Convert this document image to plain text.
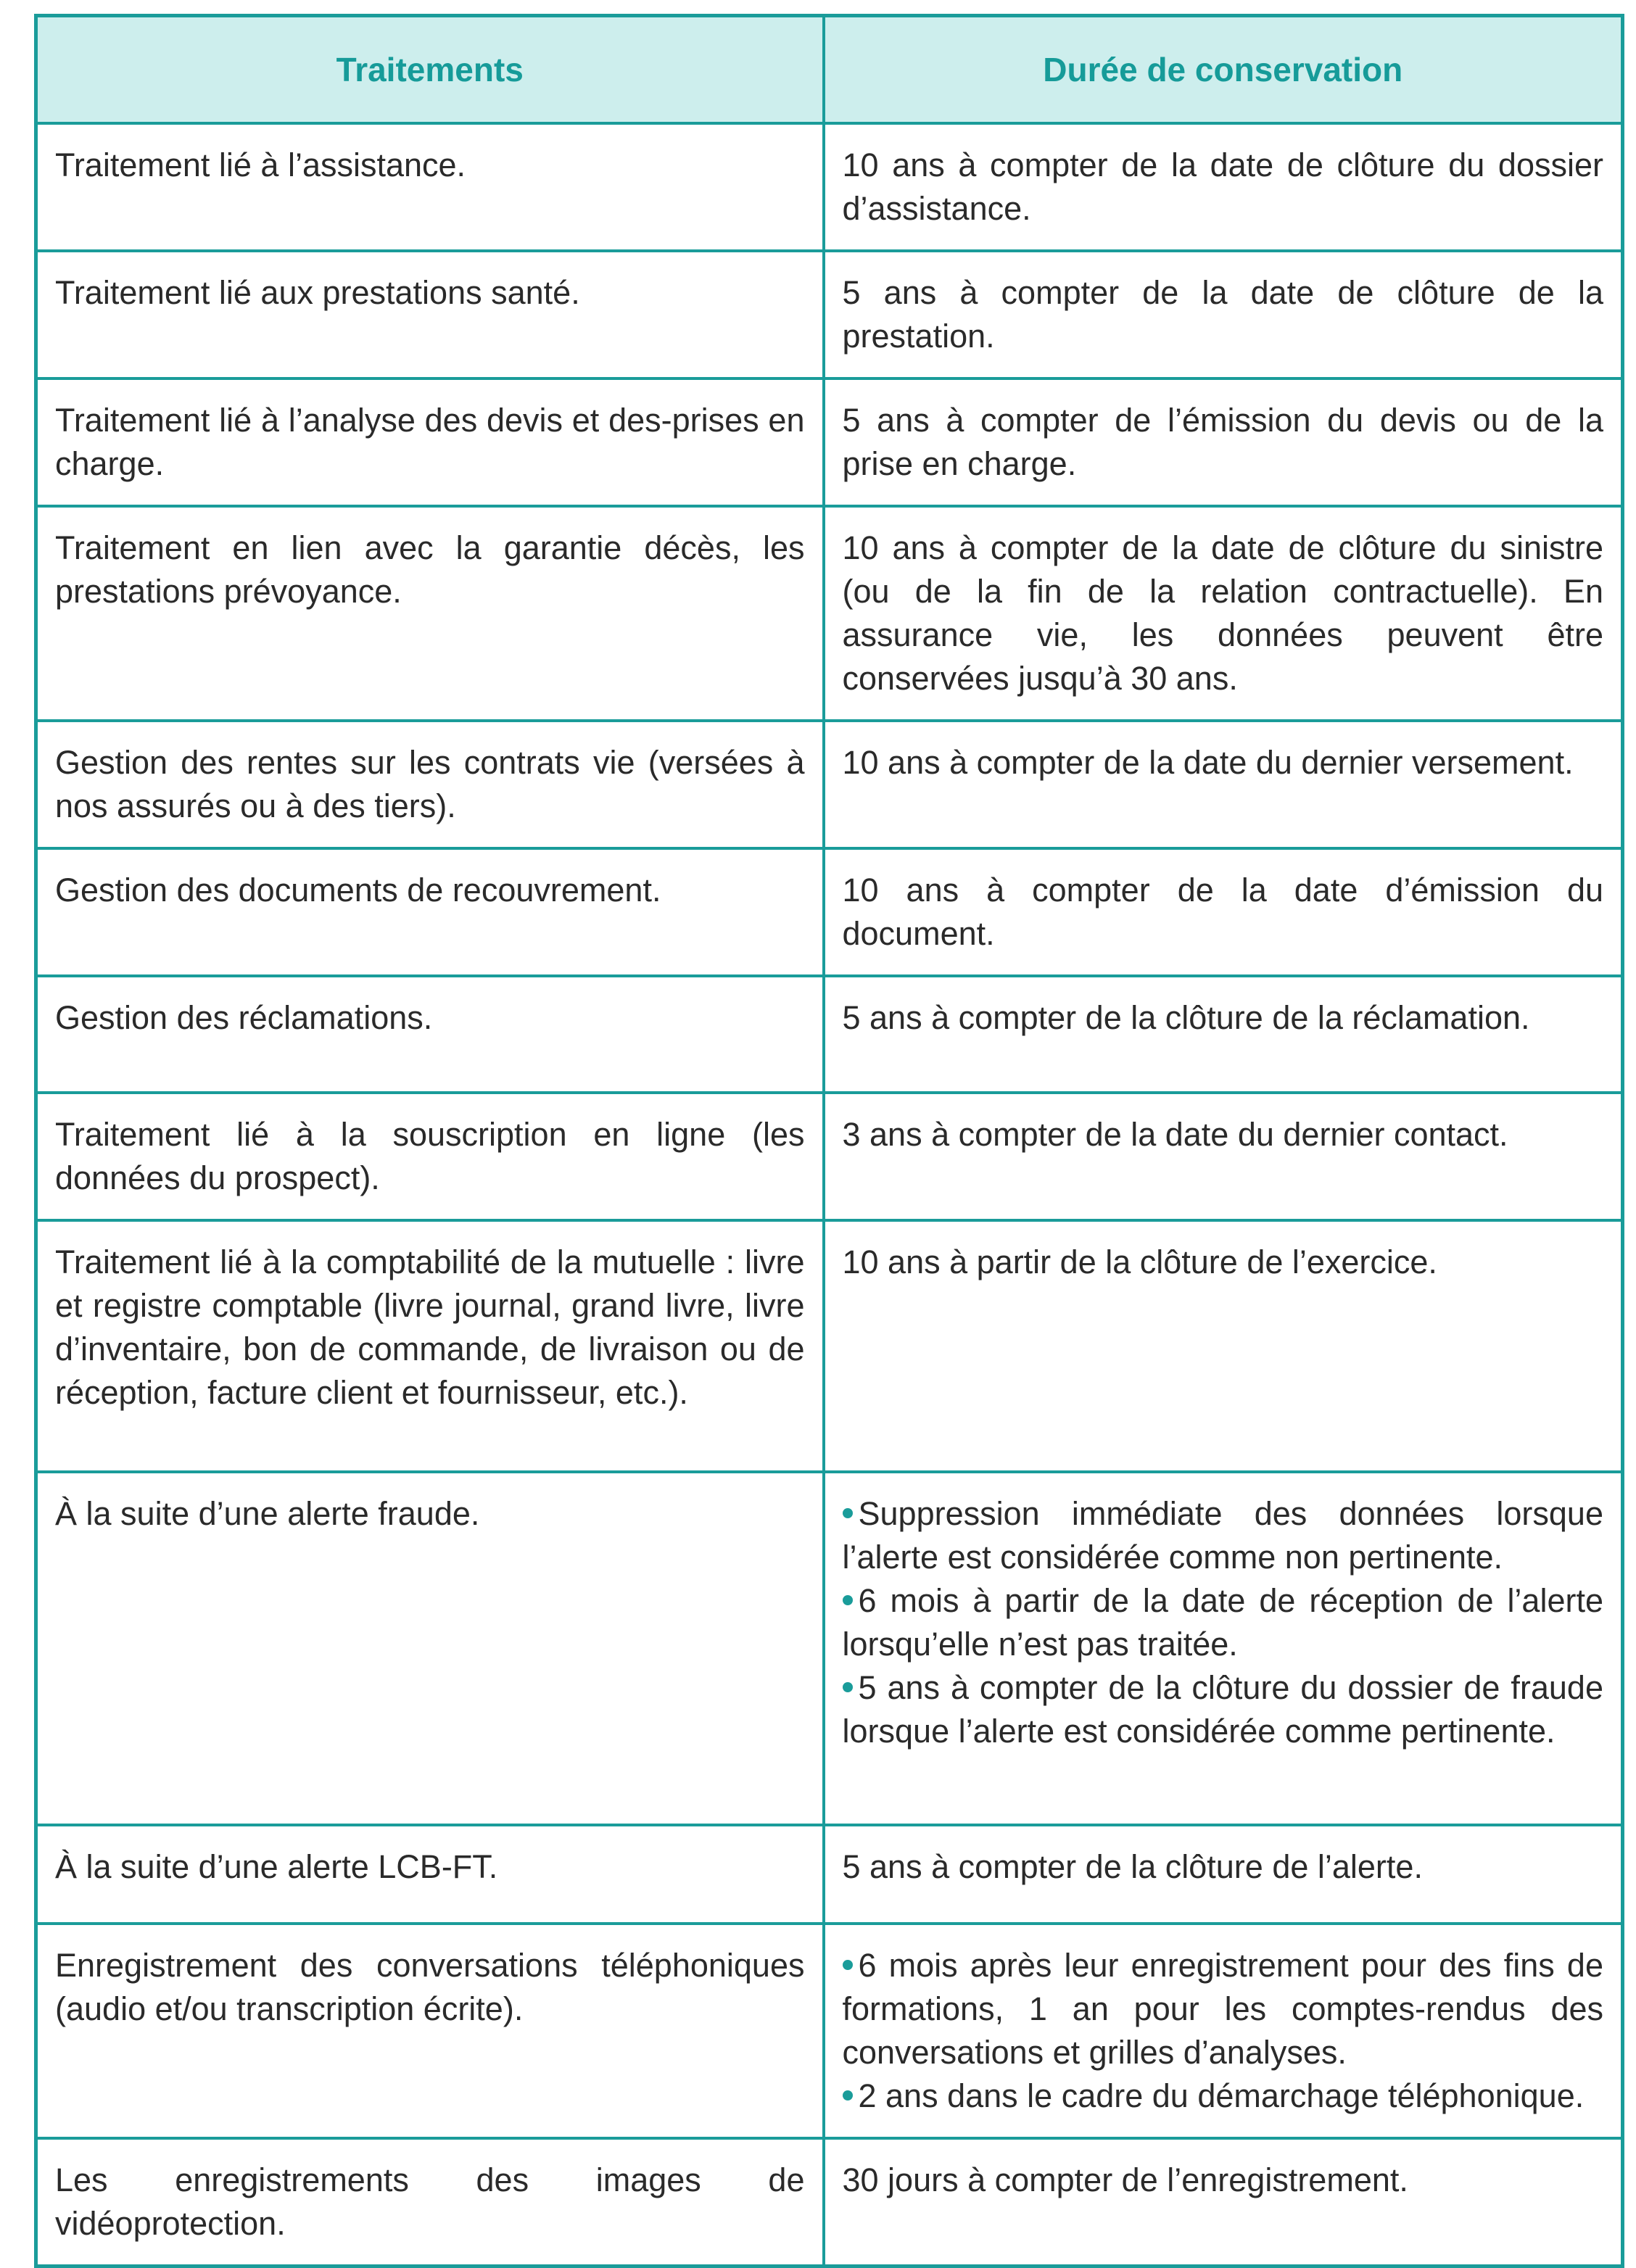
Traitements	Durée de conservation
Traitement lié à l’assistance.	10 ans à compter de la date de clôture du dossier d’assistance.

Traitement lié aux prestations santé.	5 ans à compter de la date de clôture de la prestation.

Traitement lié à l’analyse des devis et des-prises en charge.	5 ans à compter de l’émission du devis ou de la prise en charge.

Traitement en lien avec la garantie décès, les prestations prévoyance.	10 ans à compter de la date de clôture du sinistre (ou de la fin de la relation contractuelle). En assurance vie, les données peuvent être conservées jusqu’à 30 ans.

Gestion des rentes sur les contrats vie (versées à nos assurés ou à des tiers).	10 ans à compter de la date du dernier versement.

Gestion des documents de recouvrement.	10 ans à compter de la date d’émission du document.

Gestion des réclamations.	5 ans à compter de la clôture de la réclamation.

Traitement lié à la souscription en ligne (les données du prospect).	3 ans à compter de la date du dernier contact.

Traitement lié à la comptabilité de la mutuelle : livre et registre comptable (livre journal, grand livre, livre d’inventaire, bon de commande, de livraison ou de réception, facture client et fournisseur, etc.).	10 ans à partir de la clôture de l’exercice.

À la suite d’une alerte fraude.	Suppression immédiate des données lorsque l’alerte est considérée comme non pertinente.
6 mois à partir de la date de réception de l’alerte lorsqu’elle n’est pas traitée.
5 ans à compter de la clôture du dossier de fraude lorsque l’alerte est considérée comme pertinente.

À la suite d’une alerte LCB-FT.	5 ans à compter de la clôture de l’alerte.

Enregistrement des conversations téléphoniques (audio et/ou transcription écrite).	6 mois après leur enregistrement pour des fins de formations, 1 an pour les comptes-rendus des conversations et grilles d’analyses.
2 ans dans le cadre du démarchage téléphonique.

Les enregistrements des images de vidéoprotection.	30 jours à compter de l’enregistrement.
